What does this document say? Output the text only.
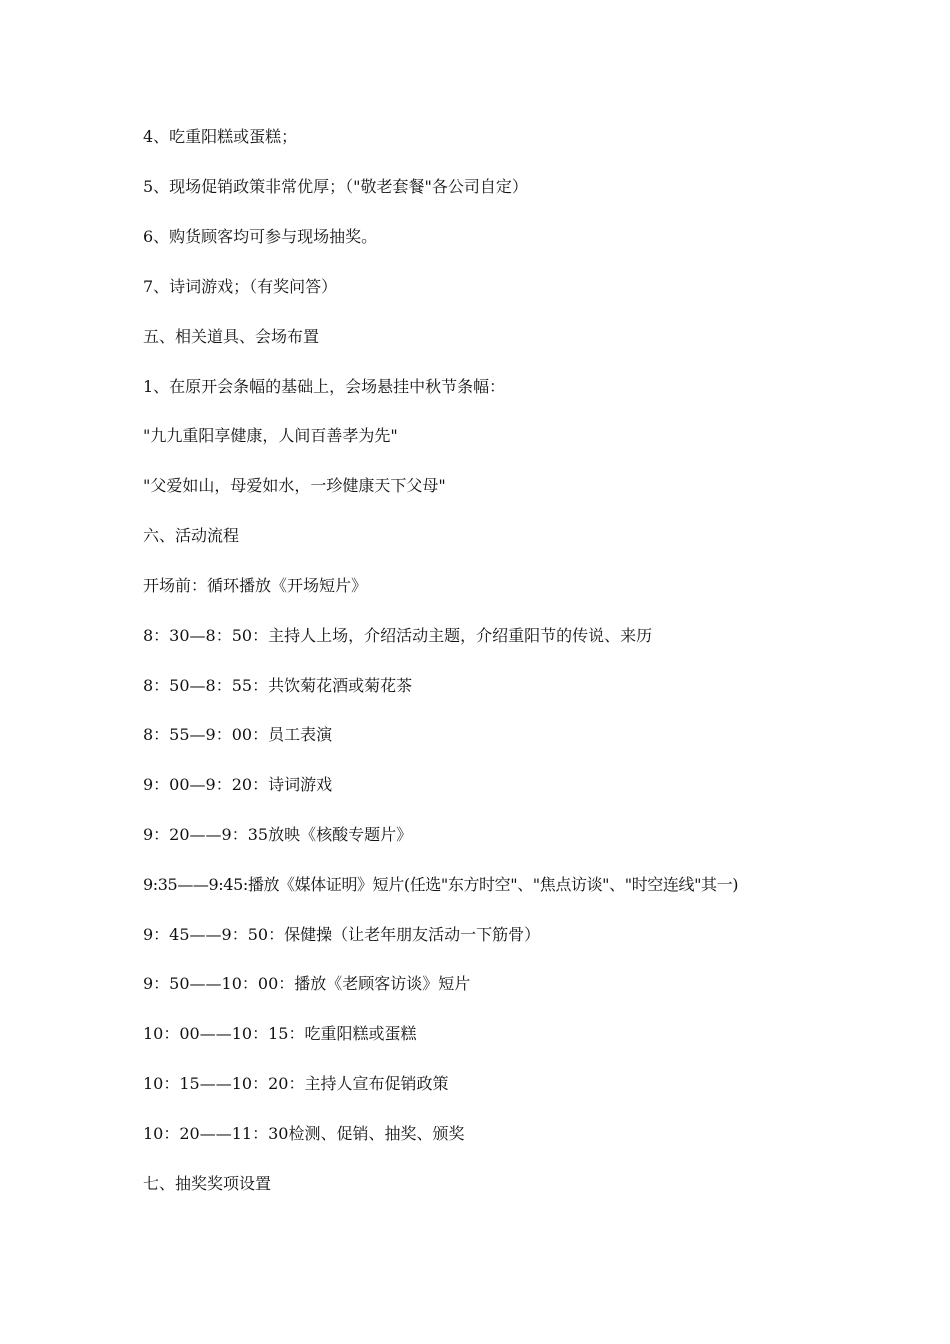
4、吃重阳糕或蛋糕；
5、现场促销政策非常优厚；（"敬老套餐"各公司自定）
6、购货顾客均可参与现场抽奖。
7、诗词游戏；（有奖问答）
五、相关道具、会场布置
1、在原开会条幅的基础上，会场悬挂中秋节条幅：
"九九重阳享健康，人间百善孝为先"
"父爱如山，母爱如水，一珍健康天下父母"
六、活动流程
开场前：循环播放《开场短片》
8：30—8：50：主持人上场，介绍活动主题，介绍重阳节的传说、来历
8：50—8：55：共饮菊花酒或菊花茶
8：55—9：00：员工表演
9：00—9：20：诗词游戏
9：20——9：35放映《核酸专题片》
9:35——9:45:播放《媒体证明》短片(任选"东方时空"、"焦点访谈"、"时空连线"其一)
9：45——9：50：保健操（让老年朋友活动一下筋骨）
9：50——10：00：播放《老顾客访谈》短片
10：00——10：15：吃重阳糕或蛋糕
10：15——10：20：主持人宣布促销政策
10：20——11：30检测、促销、抽奖、颁奖
七、抽奖奖项设置
